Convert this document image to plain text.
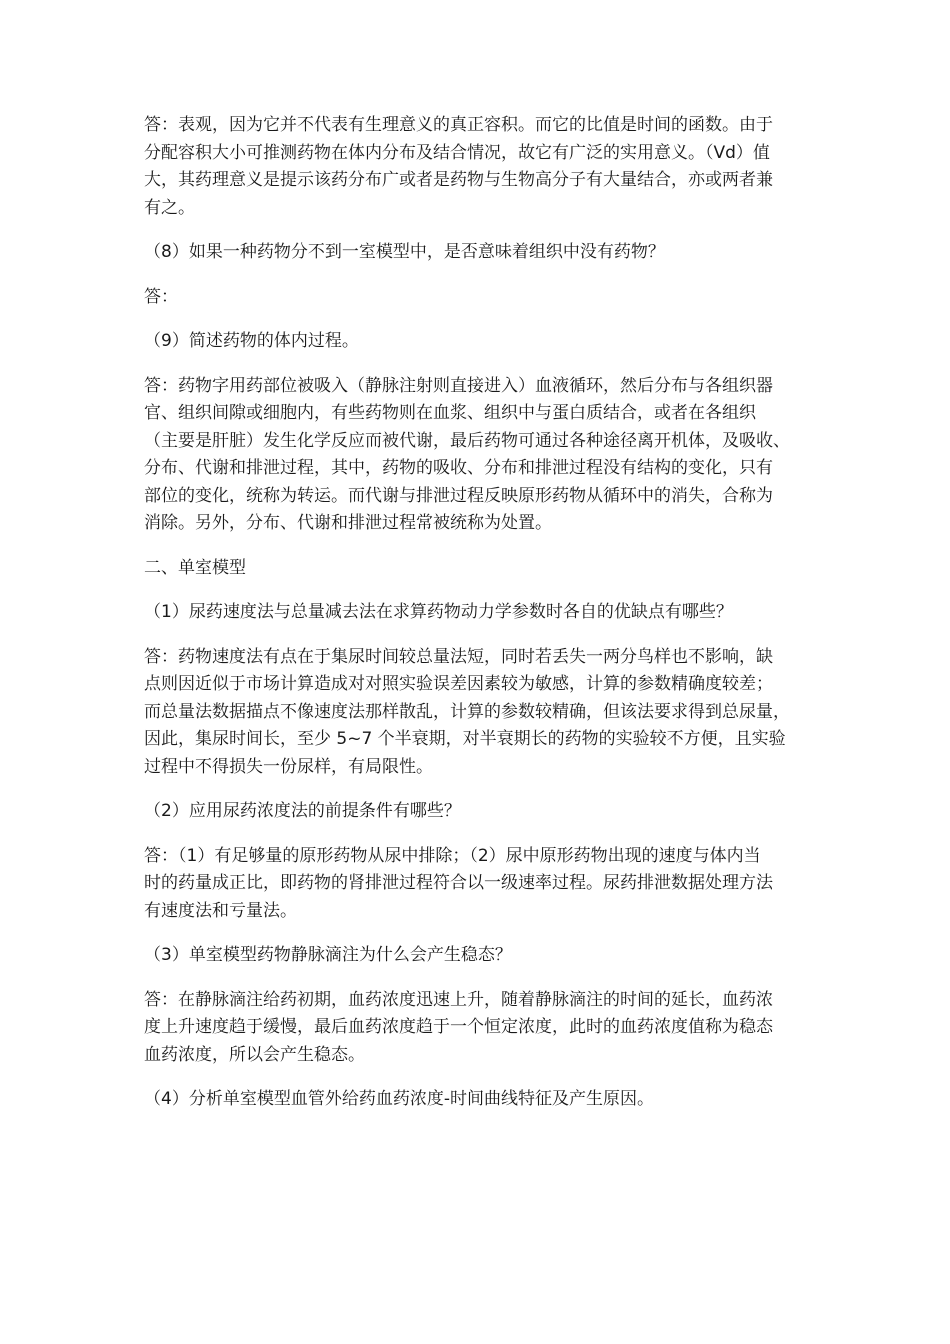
答：表观，因为它并不代表有生理意义的真正容积。而它的比值是时间的函数。由于
分配容积大小可推测药物在体内分布及结合情况，故它有广泛的实用意义。（Vd）值
大，其药理意义是提示该药分布广或者是药物与生物高分子有大量结合，亦或两者兼
有之。

（8）如果一种药物分不到一室模型中，是否意味着组织中没有药物？

答：

（9）简述药物的体内过程。

答：药物字用药部位被吸入（静脉注射则直接进入）血液循环，然后分布与各组织器
官、组织间隙或细胞内，有些药物则在血浆、组织中与蛋白质结合，或者在各组织
（主要是肝脏）发生化学反应而被代谢，最后药物可通过各种途径离开机体，及吸收、
分布、代谢和排泄过程，其中，药物的吸收、分布和排泄过程没有结构的变化，只有
部位的变化，统称为转运。而代谢与排泄过程反映原形药物从循环中的消失，合称为
消除。另外，分布、代谢和排泄过程常被统称为处置。

二、单室模型

（1）尿药速度法与总量减去法在求算药物动力学参数时各自的优缺点有哪些？

答：药物速度法有点在于集尿时间较总量法短，同时若丢失一两分鸟样也不影响，缺
点则因近似于市场计算造成对对照实验误差因素较为敏感，计算的参数精确度较差；
而总量法数据描点不像速度法那样散乱，计算的参数较精确，但该法要求得到总尿量，
因此，集尿时间长，至少 5~7 个半衰期，对半衰期长的药物的实验较不方便，且实验
过程中不得损失一份尿样，有局限性。

（2）应用尿药浓度法的前提条件有哪些？

答：（1）有足够量的原形药物从尿中排除；（2）尿中原形药物出现的速度与体内当
时的药量成正比，即药物的肾排泄过程符合以一级速率过程。尿药排泄数据处理方法
有速度法和亏量法。

（3）单室模型药物静脉滴注为什么会产生稳态？

答：在静脉滴注给药初期，血药浓度迅速上升，随着静脉滴注的时间的延长，血药浓
度上升速度趋于缓慢，最后血药浓度趋于一个恒定浓度，此时的血药浓度值称为稳态
血药浓度，所以会产生稳态。

（4）分析单室模型血管外给药血药浓度-时间曲线特征及产生原因。
